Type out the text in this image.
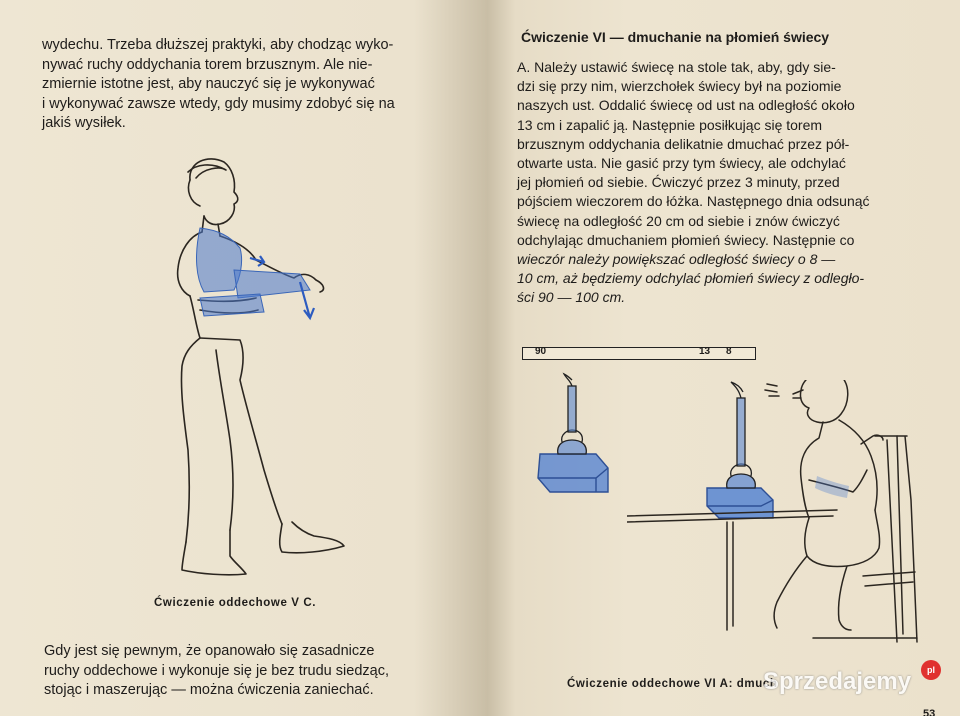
wydechu. Trzeba dłuższej praktyki, aby chodząc wyko-
nywać ruchy oddychania torem brzusznym. Ale nie-
zmiernie istotne jest, aby nauczyć się je wykonywać
i wykonywać zawsze wtedy, gdy musimy zdobyć się na
jakiś wysiłek.
Ćwiczenie oddechowe V C.
Gdy jest się pewnym, że opanowało się zasadnicze
ruchy oddechowe i wykonuje się je bez trudu siedząc,
stojąc i maszerując — można ćwiczenia zaniechać.
Ćwiczenie VI — dmuchanie na płomień świecy
A. Należy ustawić świecę na stole tak, aby, gdy sie-
dzi się przy nim, wierzchołek świecy był na poziomie
naszych ust. Oddalić świecę od ust na odległość około
13 cm i zapalić ją. Następnie posiłkując się torem
brzusznym oddychania delikatnie dmuchać przez pół-
otwarte usta. Nie gasić przy tym świecy, ale odchylać
jej płomień od siebie. Ćwiczyć przez 3 minuty, przed
pójściem wieczorem do łóżka. Następnego dnia odsunąć
świecę na odległość 20 cm od siebie i znów ćwiczyć
odchylając dmuchaniem płomień świecy. Następnie co
wieczór należy powiększać odległość świecy o 8 —
10 cm, aż będziemy odchylać płomień świecy z odległo-
ści 90 — 100 cm.
90	13 8
Ćwiczenie oddechowe VI A: dmuch
53
Sprzedajemy	pl
